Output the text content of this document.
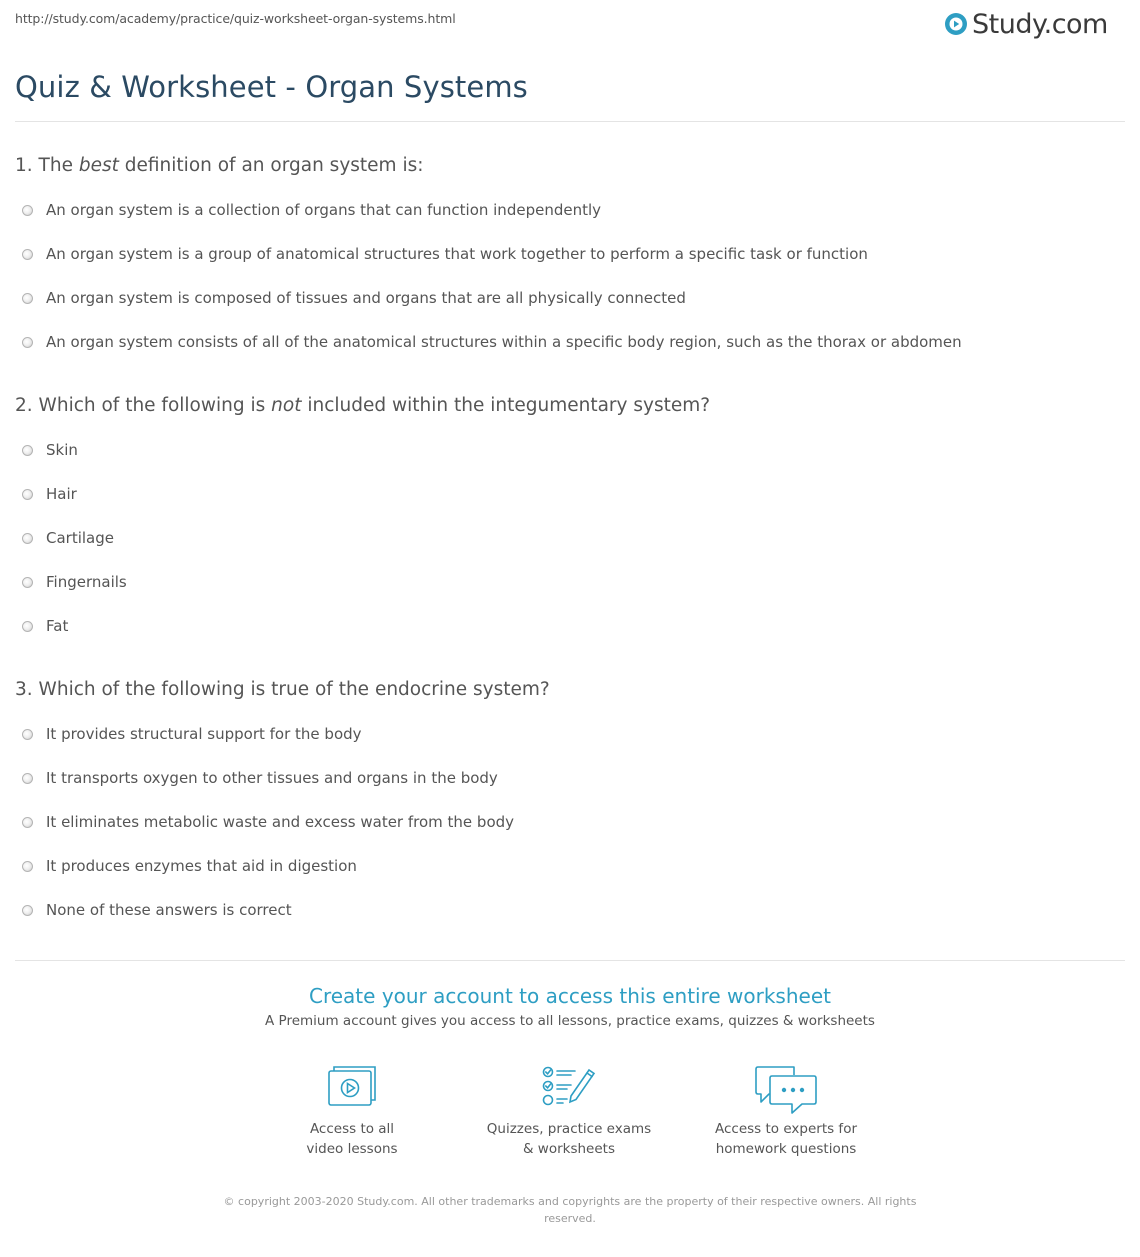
http://study.com/academy/practice/quiz-worksheet-organ-systems.html	Study.com
Quiz & Worksheet - Organ Systems
1. The best definition of an organ system is:
An organ system is a collection of organs that can function independently
An organ system is a group of anatomical structures that work together to perform a specific task or function
An organ system is composed of tissues and organs that are all physically connected
An organ system consists of all of the anatomical structures within a specific body region, such as the thorax or abdomen
2. Which of the following is not included within the integumentary system?
Skin
Hair
Cartilage
Fingernails
Fat
3. Which of the following is true of the endocrine system?
It provides structural support for the body
It transports oxygen to other tissues and organs in the body
It eliminates metabolic waste and excess water from the body
It produces enzymes that aid in digestion
None of these answers is correct
Create your account to access this entire worksheet
A Premium account gives you access to all lessons, practice exams, quizzes & worksheets
Access to all
video lessons
Quizzes, practice exams
& worksheets
Access to experts for
homework questions
© copyright 2003-2020 Study.com. All other trademarks and copyrights are the property of their respective owners. All rights reserved.
